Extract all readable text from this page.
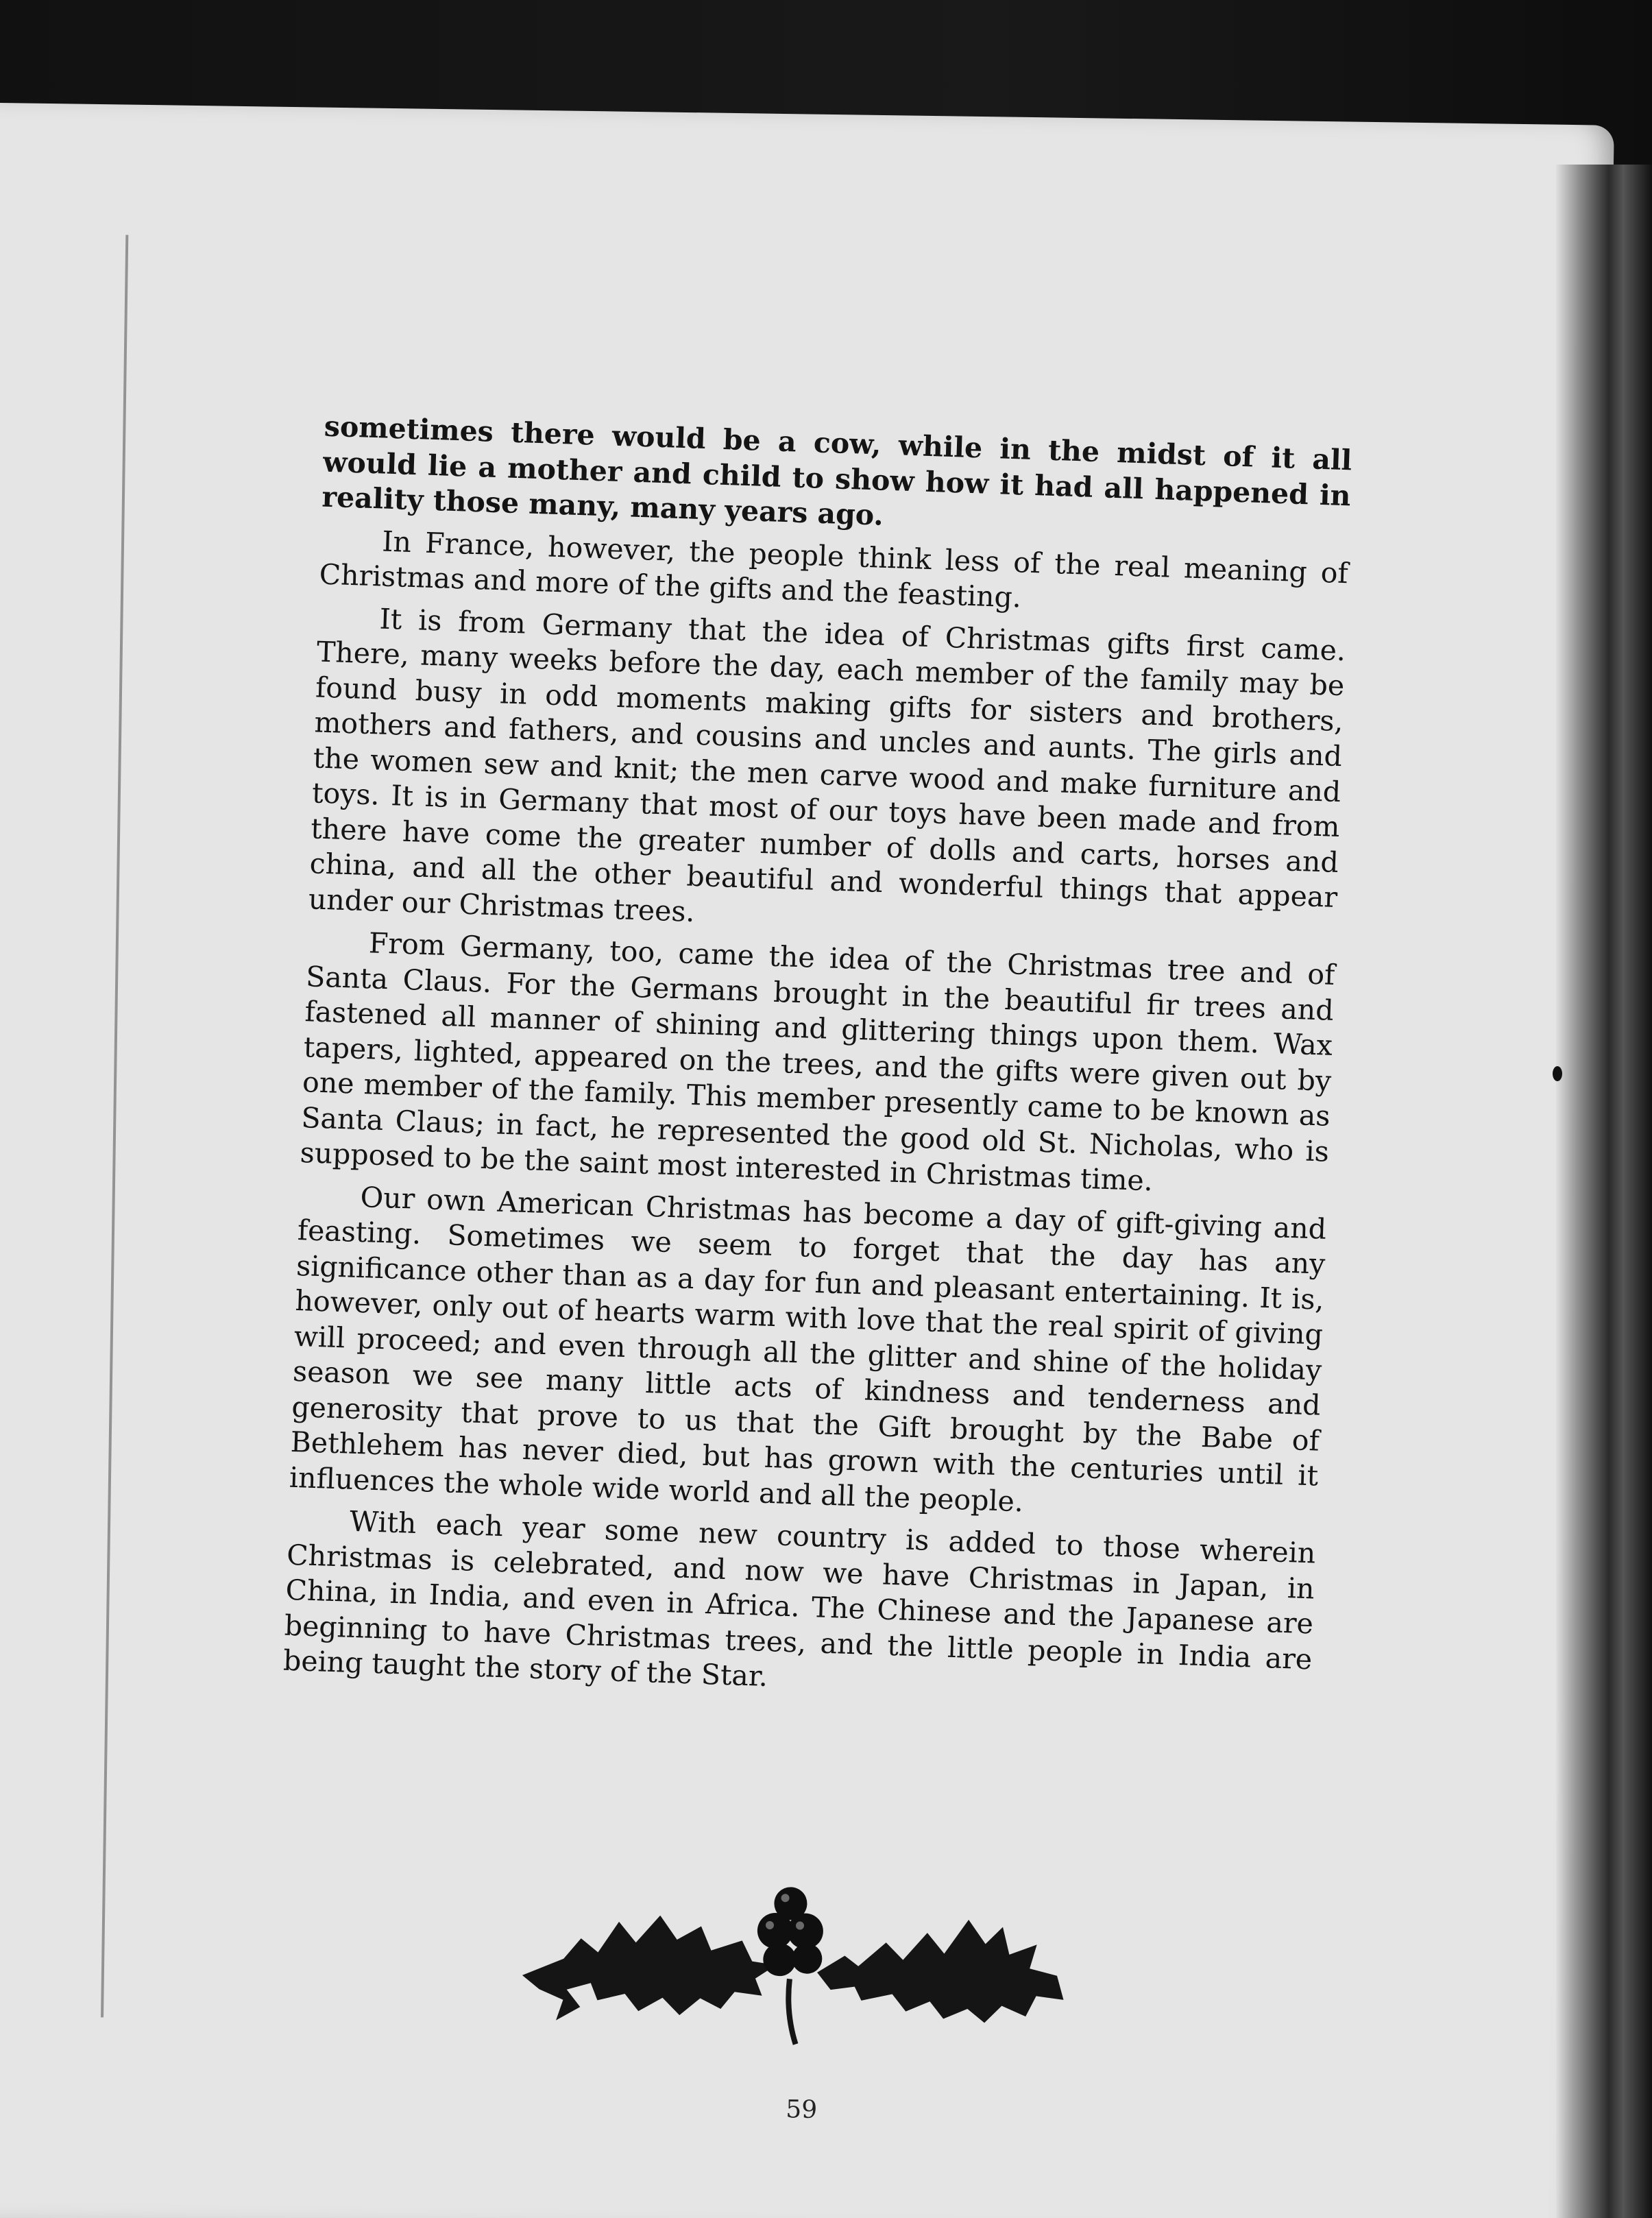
sometimes there would be a cow, while in the midst of it all would lie a mother and child to show how it had all happened in reality those many, many years ago.

In France, however, the people think less of the real meaning of Christmas and more of the gifts and the feasting.

It is from Germany that the idea of Christmas gifts first came. There, many weeks before the day, each member of the family may be found busy in odd moments making gifts for sisters and brothers, mothers and fathers, and cousins and uncles and aunts. The girls and the women sew and knit; the men carve wood and make furniture and toys. It is in Germany that most of our toys have been made and from there have come the greater number of dolls and carts, horses and china, and all the other beautiful and wonderful things that appear under our Christmas trees.

From Germany, too, came the idea of the Christmas tree and of Santa Claus. For the Germans brought in the beautiful fir trees and fastened all manner of shining and glittering things upon them. Wax tapers, lighted, appeared on the trees, and the gifts were given out by one member of the family. This member presently came to be known as Santa Claus; in fact, he represented the good old St. Nicholas, who is supposed to be the saint most interested in Christmas time.

Our own American Christmas has become a day of gift-giving and feasting. Sometimes we seem to forget that the day has any significance other than as a day for fun and pleasant entertaining. It is, however, only out of hearts warm with love that the real spirit of giving will proceed; and even through all the glitter and shine of the holiday season we see many little acts of kindness and tenderness and generosity that prove to us that the Gift brought by the Babe of Bethlehem has never died, but has grown with the centuries until it influences the whole wide world and all the people.

With each year some new country is added to those wherein Christmas is celebrated, and now we have Christmas in Japan, in China, in India, and even in Africa. The Chinese and the Japanese are beginning to have Christmas trees, and the little people in India are being taught the story of the Star.

59
